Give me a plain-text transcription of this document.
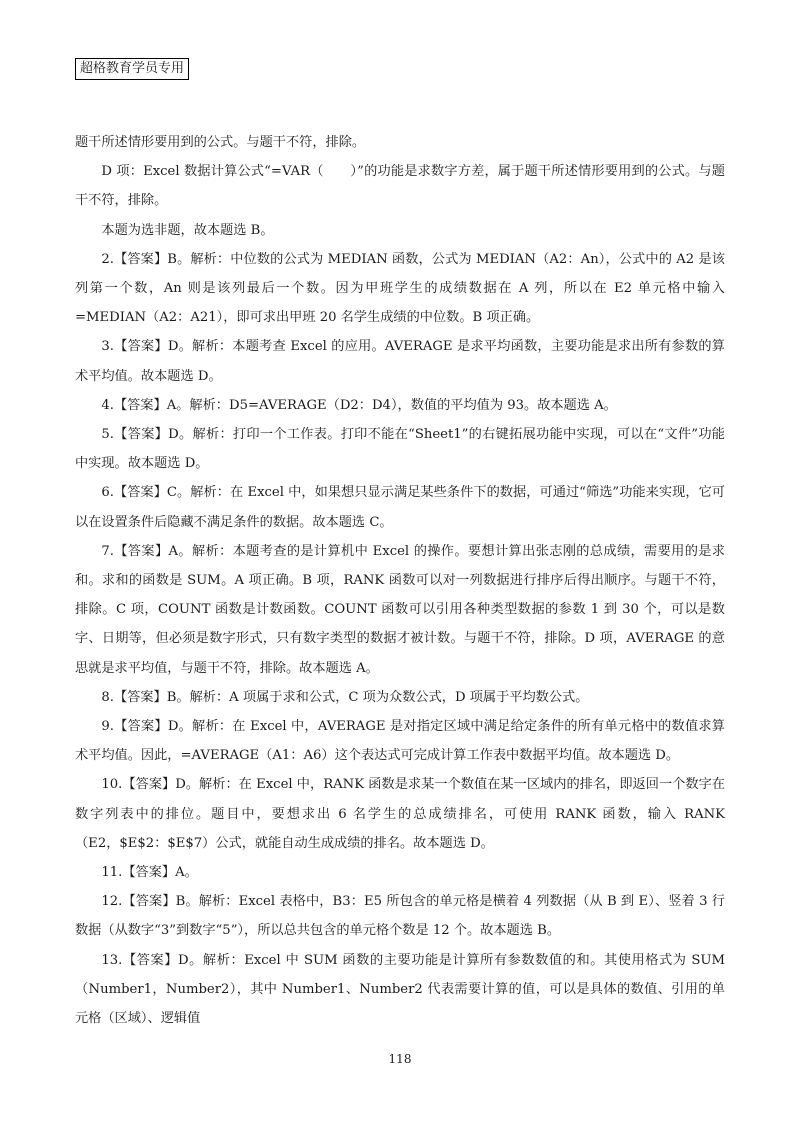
超格教育学员专用

题干所述情形要用到的公式。与题干不符，排除。

D 项：Excel 数据计算公式“=VAR（　　）”的功能是求数字方差，属于题干所述情形要用到的公式。与题干不符，排除。

本题为选非题，故本题选 B。

2.【答案】B。解析：中位数的公式为 MEDIAN 函数，公式为 MEDIAN（A2：An），公式中的 A2 是该列第一个数，An 则是该列最后一个数。因为甲班学生的成绩数据在 A 列，所以在 E2 单元格中输入=MEDIAN（A2：A21），即可求出甲班 20 名学生成绩的中位数。B 项正确。

3.【答案】D。解析：本题考查 Excel 的应用。AVERAGE 是求平均函数，主要功能是求出所有参数的算术平均值。故本题选 D。

4.【答案】A。解析：D5=AVERAGE（D2：D4），数值的平均值为 93。故本题选 A。

5.【答案】D。解析：打印一个工作表。打印不能在“Sheet1”的右键拓展功能中实现，可以在“文件”功能中实现。故本题选 D。

6.【答案】C。解析：在 Excel 中，如果想只显示满足某些条件下的数据，可通过“筛选”功能来实现，它可以在设置条件后隐藏不满足条件的数据。故本题选 C。

7.【答案】A。解析：本题考查的是计算机中 Excel 的操作。要想计算出张志刚的总成绩，需要用的是求和。求和的函数是 SUM。A 项正确。B 项，RANK 函数可以对一列数据进行排序后得出顺序。与题干不符，排除。C 项，COUNT 函数是计数函数。COUNT 函数可以引用各种类型数据的参数 1 到 30 个，可以是数字、日期等，但必须是数字形式，只有数字类型的数据才被计数。与题干不符，排除。D 项，AVERAGE 的意思就是求平均值，与题干不符，排除。故本题选 A。

8.【答案】B。解析：A 项属于求和公式，C 项为众数公式，D 项属于平均数公式。

9.【答案】D。解析：在 Excel 中，AVERAGE 是对指定区域中满足给定条件的所有单元格中的数值求算术平均值。因此，=AVERAGE（A1：A6）这个表达式可完成计算工作表中数据平均值。故本题选 D。

10.【答案】D。解析：在 Excel 中，RANK 函数是求某一个数值在某一区域内的排名，即返回一个数字在数字列表中的排位。题目中，要想求出 6 名学生的总成绩排名，可使用 RANK 函数，输入 RANK（E2，$E$2：$E$7）公式，就能自动生成成绩的排名。故本题选 D。

11.【答案】A。

12.【答案】B。解析：Excel 表格中，B3：E5 所包含的单元格是横着 4 列数据（从 B 到 E）、竖着 3 行数据（从数字“3”到数字“5”），所以总共包含的单元格个数是 12 个。故本题选 B。

13.【答案】D。解析：Excel 中 SUM 函数的主要功能是计算所有参数数值的和。其使用格式为 SUM（Number1，Number2），其中 Number1、Number2 代表需要计算的值，可以是具体的数值、引用的单元格（区域）、逻辑值

118
